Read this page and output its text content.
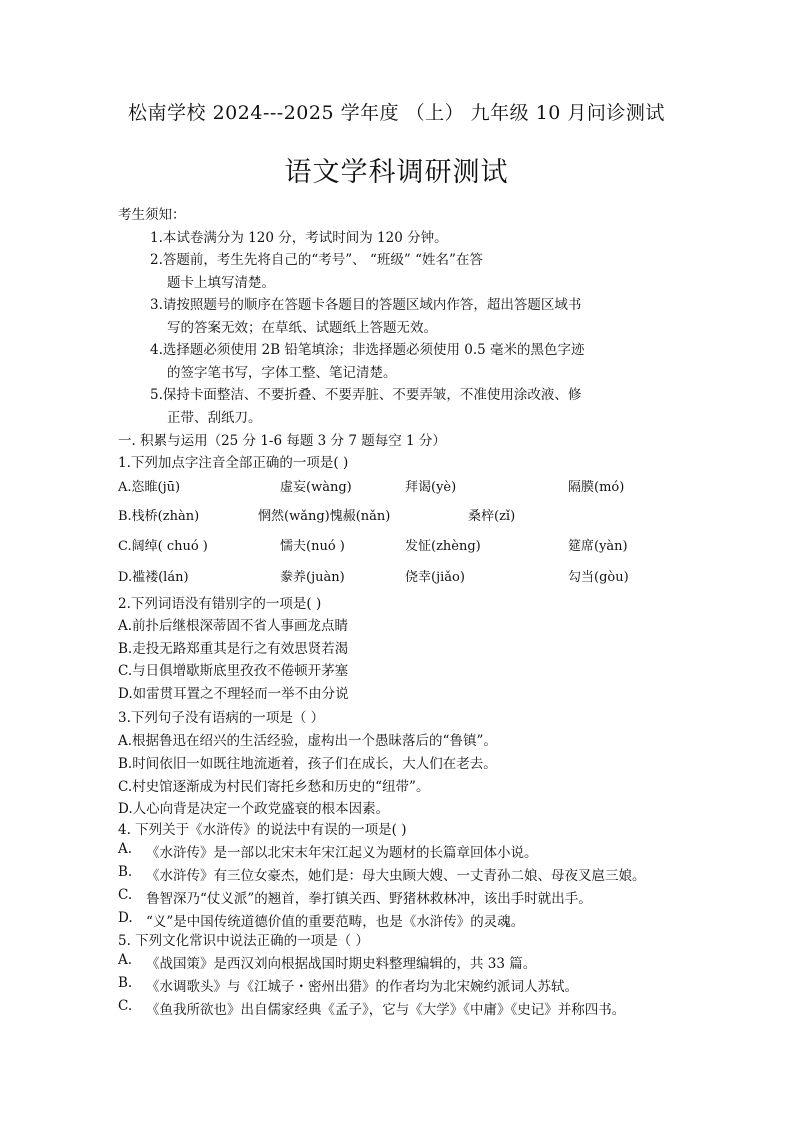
松南学校 2024---2025 学年度 （上） 九年级 10 月问诊测试
语文学科调研测试
考生须知：
1.本试卷满分为 120 分，考试时间为 120 分钟。
2.答题前，考生先将自己的“考号”、 “班级” “姓名”在答
题卡上填写清楚。
3.请按照题号的顺序在答题卡各题目的答题区域内作答，超出答题区域书
写的答案无效；在草纸、试题纸上答题无效。
4.选择题必须使用 2B 铅笔填涂；非选择题必须使用 0.5 毫米的黑色字迹
的签字笔书写，字体工整、笔记清楚。
5.保持卡面整洁、不要折叠、不要弄脏、不要弄皱，不准使用涂改液、修
正带、刮纸刀。
一. 积累与运用（25 分 1-6 每题 3 分 7 题每空 1 分）
1.下列加点字注音全部正确的一项是( )
A.恣睢(jū)	虚妄(wàng)	拜谒(yè)	隔膜(mó)
B.栈桥(zhàn)	惘然(wǎng)愧赧(nǎn)	桑梓(zǐ)
C.阔绰( chuó )	懦夫(nuó )	发怔(zhèng)	筵席(yàn)
D.褴褛(lán)	豢养(juàn)	侥幸(jiǎo)	勾当(gòu)
2.下列词语没有错别字的一项是( )
A.前扑后继根深蒂固不省人事画龙点睛
B.走投无路郑重其是行之有效思贤若渴
C.与日俱增歇斯底里孜孜不倦顿开茅塞
D.如雷贯耳置之不理轻而一举不由分说
3.下列句子没有语病的一项是（ ）
A.根据鲁迅在绍兴的生活经验，虚构出一个愚昧落后的“鲁镇”。
B.时间依旧一如既往地流逝着，孩子们在成长，大人们在老去。
C.村史馆逐渐成为村民们寄托乡愁和历史的“纽带”。
D.人心向背是决定一个政党盛衰的根本因素。
4. 下列关于《水浒传》的说法中有误的一项是( )
A. 《水浒传》是一部以北宋末年宋江起义为题材的长篇章回体小说。
B. 《水浒传》有三位女豪杰，她们是：母大虫顾大嫂、一丈青孙二娘、母夜叉扈三娘。
C. 鲁智深乃“仗义派”的翘首，拳打镇关西、野猪林救林冲，该出手时就出手。
D. “义”是中国传统道德价值的重要范畴，也是《水浒传》的灵魂。
5. 下列文化常识中说法正确的一项是（ ）
A. 《战国策》是西汉刘向根据战国时期史料整理编辑的，共 33 篇。
B. 《水调歌头》与《江城子・密州出猎》的作者均为北宋婉约派词人苏轼。
C. 《鱼我所欲也》出自儒家经典《孟子》，它与《大学》《中庸》《史记》并称四书。
